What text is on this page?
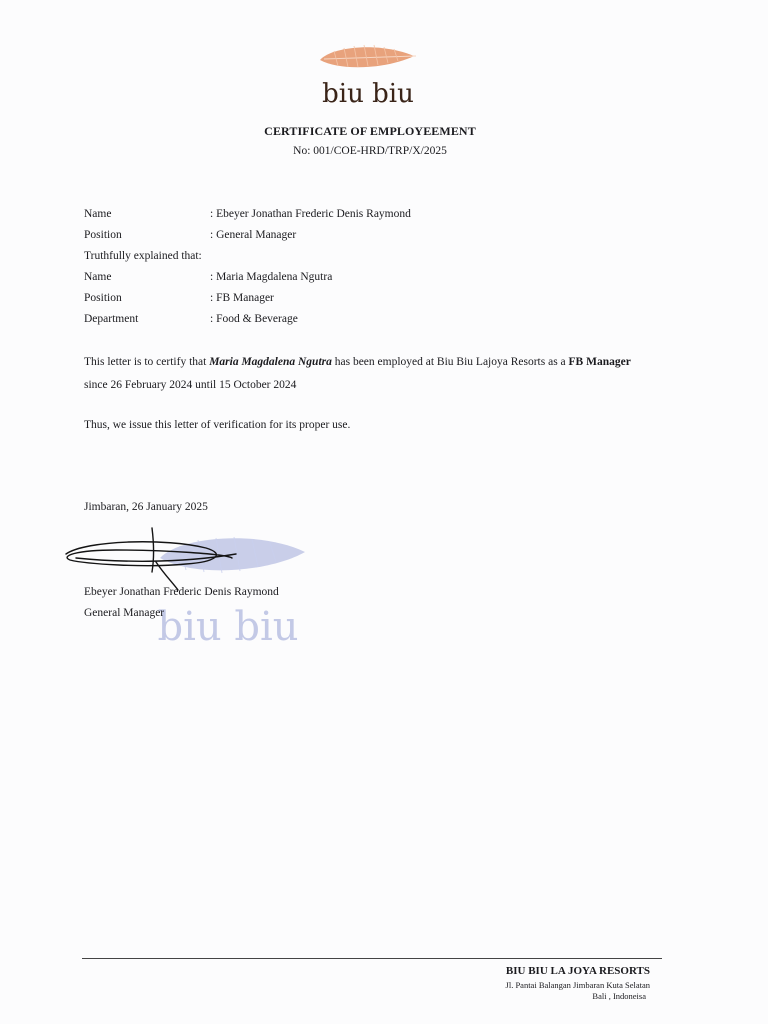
biu biu
CERTIFICATE OF EMPLOYEEMENT
No: 001/COE-HRD/TRP/X/2025
Name	: Ebeyer Jonathan Frederic Denis Raymond
Position	: General Manager
Truthfully explained that:
Name	: Maria Magdalena Ngutra
Position	: FB Manager
Department	: Food & Beverage
This letter is to certify that Maria Magdalena Ngutra has been employed at Biu Biu Lajoya Resorts as a FB Manager
since 26 February 2024 until 15 October 2024
Thus, we issue this letter of verification for its proper use.
Jimbaran, 26 January 2025
biu biu
Ebeyer Jonathan Frederic Denis Raymond
General Manager
BIU BIU LA JOYA RESORTS
Jl. Pantai Balangan Jimbaran Kuta Selatan
Bali , Indoneisa
